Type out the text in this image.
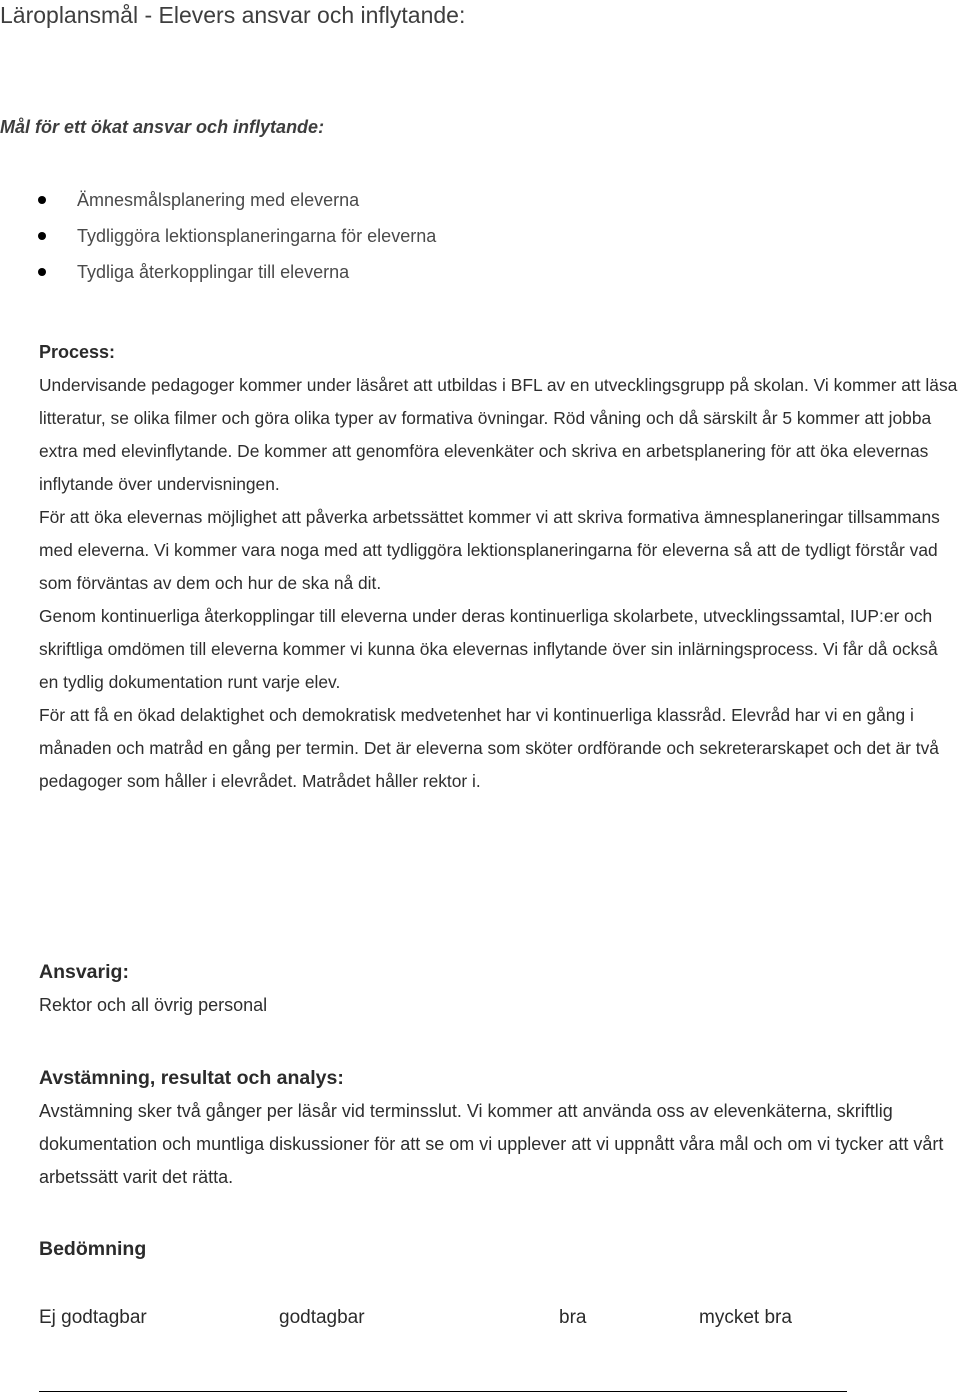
Läroplansmål - Elevers ansvar och inflytande:
Mål för ett ökat ansvar och inflytande:
Ämnesmålsplanering med eleverna
Tydliggöra lektionsplaneringarna för eleverna
Tydliga återkopplingar till eleverna
Process:

Undervisande pedagoger kommer under läsåret att utbildas i BFL av en utvecklingsgrupp på skolan. Vi kommer att läsa litteratur, se olika filmer och göra olika typer av formativa övningar. Röd våning och då särskilt år 5 kommer att jobba extra med elevinflytande. De kommer att genomföra elevenkäter och skriva en arbetsplanering för att öka elevernas inflytande över undervisningen.

För att öka elevernas möjlighet att påverka arbetssättet kommer vi att skriva formativa ämnesplaneringar tillsammans med eleverna. Vi kommer vara noga med att tydliggöra lektionsplaneringarna för eleverna så att de tydligt förstår vad som förväntas av dem och hur de ska nå dit.

Genom kontinuerliga återkopplingar till eleverna under deras kontinuerliga skolarbete, utvecklingssamtal, IUP:er och skriftliga omdömen till eleverna kommer vi kunna öka elevernas inflytande över sin inlärningsprocess. Vi får då också en tydlig dokumentation runt varje elev.

För att få en ökad delaktighet och demokratisk medvetenhet har vi kontinuerliga klassråd. Elevråd har vi en gång i månaden och matråd en gång per termin. Det är eleverna som sköter ordförande och sekreterarskapet och det är två pedagoger som håller i elevrådet. Matrådet håller rektor i.

Ansvarig:

Rektor och all övrig personal

Avstämning, resultat och analys:

Avstämning sker två gånger per läsår vid terminsslut. Vi kommer att använda oss av elevenkäterna, skriftlig dokumentation och muntliga diskussioner för att se om vi upplever att vi uppnått våra mål och om vi tycker att vårt arbetssätt varit det rätta.

Bedömning
Ej godtagbar	godtagbar	bra	mycket bra
